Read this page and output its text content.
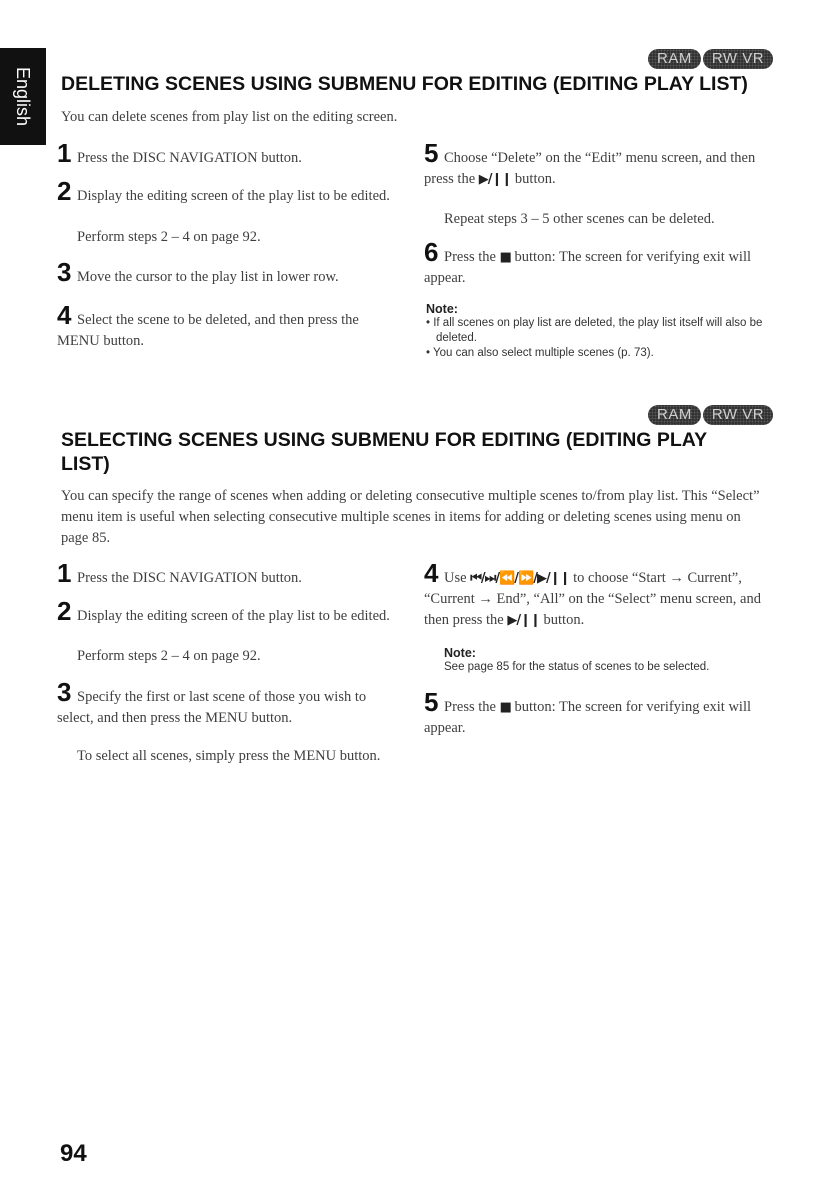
English
RAM	RW VR
DELETING SCENES USING SUBMENU FOR EDITING (EDITING PLAY LIST)

You can delete scenes from play list on the editing screen.

1 Press the DISC NAVIGATION button.
2 Display the editing screen of the play list to be edited.
Perform steps 2 – 4 on page 92.
3 Move the cursor to the play list in lower row.
4 Select the scene to be deleted, and then press the MENU button.
5 Choose “Delete” on the “Edit” menu screen, and then press the ▶/❙❙ button.
Repeat steps 3 – 5 other scenes can be deleted.
6 Press the ■ button: The screen for verifying exit will appear.
Note:
• If all scenes on play list are deleted, the play list itself will also be deleted.
• You can also select multiple scenes (p. 73).
RAM	RW VR
SELECTING SCENES USING SUBMENU FOR EDITING (EDITING PLAY
LIST)

You can specify the range of scenes when adding or deleting consecutive multiple scenes to/from play list. This “Select” menu item is useful when selecting consecutive multiple scenes in items for adding or deleting scenes using menu on page 85.

1 Press the DISC NAVIGATION button.
2 Display the editing screen of the play list to be edited.
Perform steps 2 – 4 on page 92.
3 Specify the first or last scene of those you wish to select, and then press the MENU button.
To select all scenes, simply press the MENU button.
4 Use ⏮/⏭/⏪/⏩/▶/❙❙ to choose “Start → Current”, “Current → End”, “All” on the “Select” menu screen, and then press the ▶/❙❙ button.
Note:
See page 85 for the status of scenes to be selected.
5 Press the ■ button: The screen for verifying exit will appear.
94
